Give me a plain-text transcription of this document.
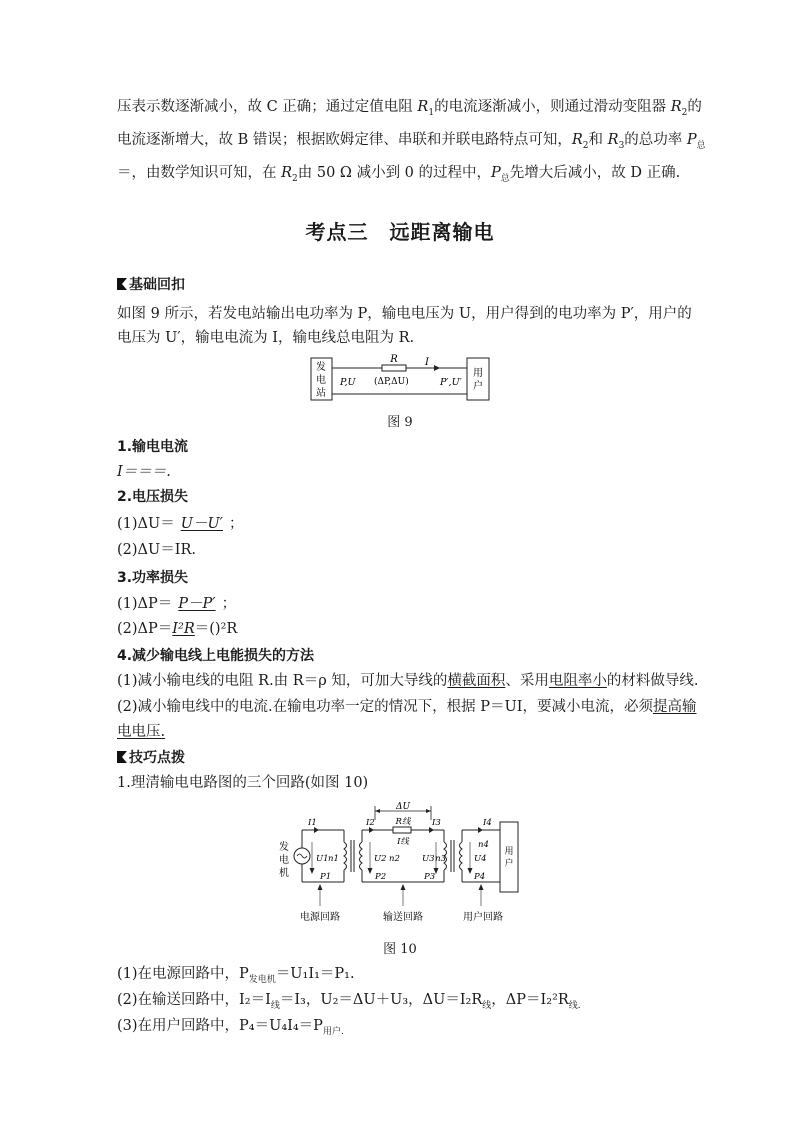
压表示数逐渐减小，故 C 正确；通过定值电阻 $R_1$的电流逐渐减小，则通过滑动变阻器 $R_2$的
电流逐渐增大，故 B 错误；根据欧姆定律、串联和并联电路特点可知，$R_2$和 $R_3$的总功率 $P_总$
＝，由数学知识可知，在 $R_2$由 50 Ω 减小到 0 的过程中，$P_总$先增大后减小，故 D 正确.
考点三　远距离输电
基础回扣
如图 9 所示，若发电站输出电功率为 P，输电电压为 U，用户得到的电功率为 P′，用户的
电压为 U′，输电电流为 I，输电线总电阻为 R.
发
电
站
用
户
R	I
P,U (ΔP,ΔU)	P′,U′
图 9
1.输电电流
I＝＝＝.
2.电压损失
(1)ΔU＝ U－U′ ；
(2)ΔU＝IR.
3.功率损失
(1)ΔP＝ P－P′ ；
(2)ΔP＝I²R＝()²R
4.减少输电线上电能损失的方法
(1)减小输电线的电阻 R.由 R＝ρ 知，可加大导线的横截面积、采用电阻率小的材料做导线.
(2)减小输电线中的电流.在输电功率一定的情况下，根据 P＝UI，要减小电流，必须提高输
电电压.
技巧点拨
1.理清输电电路图的三个回路(如图 10)
ΔU
用
户
R线
I线
I1	I2	I3	I4
U1	U2	U3	U4
n1	n2	n3
n4
P1	P2	P3	P4
发
电
机
电源回路	输送回路	用户回路
图 10
(1)在电源回路中，$P_{发电机}=U_1I_1=P_1$.
(2)在输送回路中，$I_2=I_线=I_3$，U₂＝ΔU＋U₃，$\Delta U=I_2R_线$，$\Delta P=I_2^2R_{线.}$
(3)在用户回路中，$P_4=U_4I_4=P_{用户.}$
